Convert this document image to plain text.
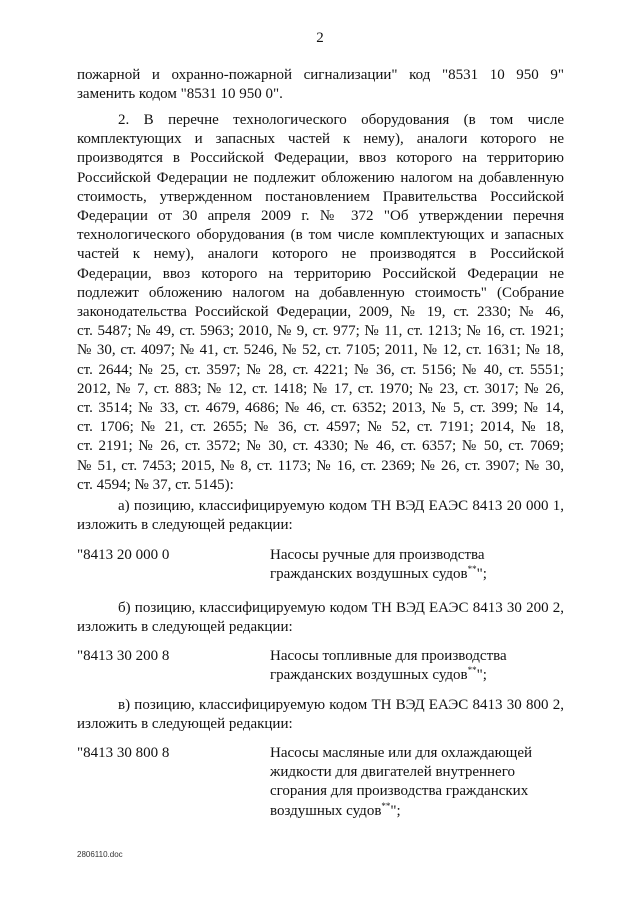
2
пожарной и охранно-пожарной сигнализации" код "8531 10 950 9"
заменить кодом "8531 10 950 0".
2. В перечне технологического оборудования (в том числе
комплектующих и запасных частей к нему), аналоги которого не
производятся в Российской Федерации, ввоз которого на территорию
Российской Федерации не подлежит обложению налогом на добавленную
стоимость, утвержденном постановлением Правительства Российской
Федерации от 30 апреля 2009 г. № 372 "Об утверждении перечня
технологического оборудования (в том числе комплектующих и запасных
частей к нему), аналоги которого не производятся в Российской
Федерации, ввоз которого на территорию Российской Федерации не
подлежит обложению налогом на добавленную стоимость" (Собрание
законодательства Российской Федерации, 2009, № 19, ст. 2330; № 46,
ст. 5487; № 49, ст. 5963; 2010, № 9, ст. 977; № 11, ст. 1213; № 16, ст. 1921;
№ 30, ст. 4097; № 41, ст. 5246, № 52, ст. 7105; 2011, № 12, ст. 1631; № 18,
ст. 2644; № 25, ст. 3597; № 28, ст. 4221; № 36, ст. 5156; № 40, ст. 5551;
2012, № 7, ст. 883; № 12, ст. 1418; № 17, ст. 1970; № 23, ст. 3017; № 26,
ст. 3514; № 33, ст. 4679, 4686; № 46, ст. 6352; 2013, № 5, ст. 399; № 14,
ст. 1706; № 21, ст. 2655; № 36, ст. 4597; № 52, ст. 7191; 2014, № 18,
ст. 2191; № 26, ст. 3572; № 30, ст. 4330; № 46, ст. 6357; № 50, ст. 7069;
№ 51, ст. 7453; 2015, № 8, ст. 1173; № 16, ст. 2369; № 26, ст. 3907; № 30,
ст. 4594; № 37, ст. 5145):
а) позицию, классифицируемую кодом ТН ВЭД ЕАЭС 8413 20 000 1,
изложить в следующей редакции:
"8413 20 000 0	Насосы ручные для производства
гражданских воздушных судов**";
б) позицию, классифицируемую кодом ТН ВЭД ЕАЭС 8413 30 200 2,
изложить в следующей редакции:
"8413 30 200 8	Насосы топливные для производства
гражданских воздушных судов**";
в) позицию, классифицируемую кодом ТН ВЭД ЕАЭС 8413 30 800 2,
изложить в следующей редакции:
"8413 30 800 8	Насосы масляные или для охлаждающей
жидкости для двигателей внутреннего
сгорания для производства гражданских
воздушных судов**";
2806110.doc
